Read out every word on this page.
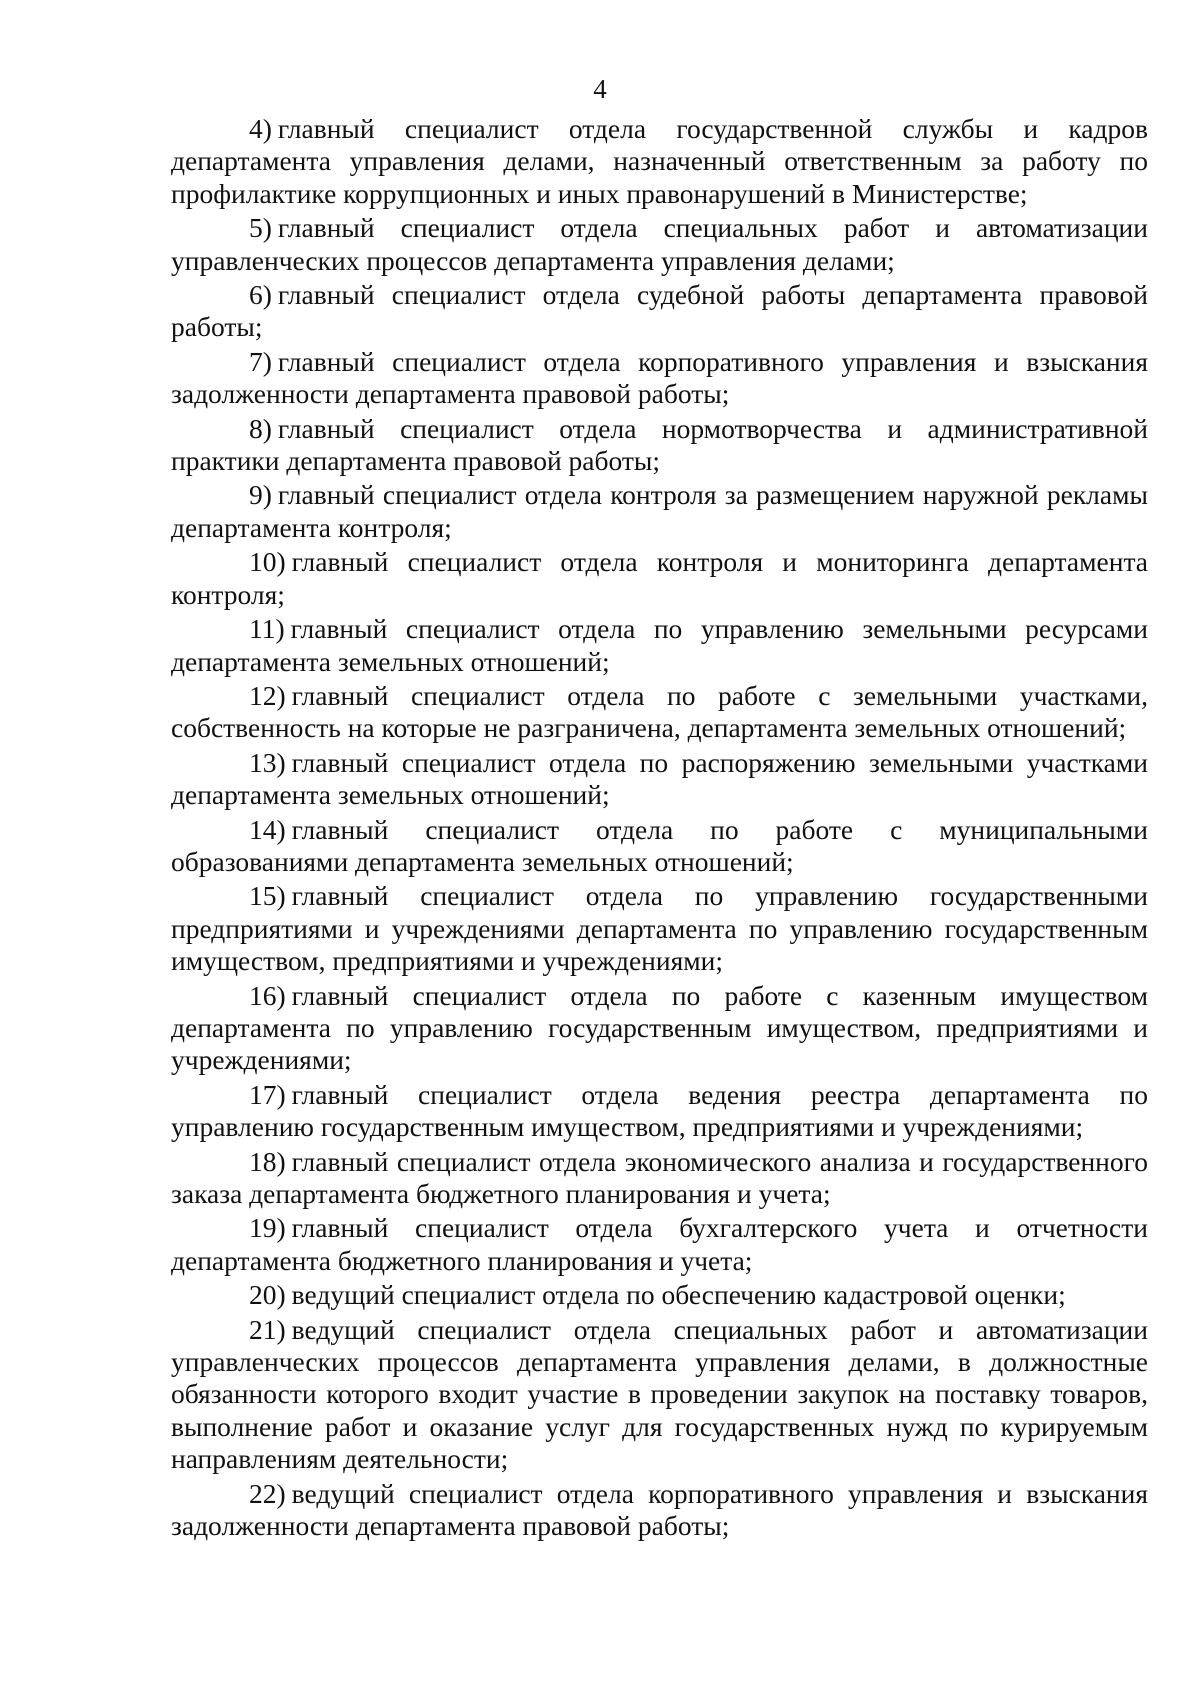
4

4) главный специалист отдела государственной службы и кадров департамента управления делами, назначенный ответственным за работу по профилактике коррупционных и иных правонарушений в Министерстве;

5) главный специалист отдела специальных работ и автоматизации управленческих процессов департамента управления делами;

6) главный специалист отдела судебной работы департамента правовой работы;

7) главный специалист отдела корпоративного управления и взыскания задолженности департамента правовой работы;

8) главный специалист отдела нормотворчества и административной практики департамента правовой работы;

9) главный специалист отдела контроля за размещением наружной рекламы департамента контроля;

10) главный специалист отдела контроля и мониторинга департамента контроля;

11) главный специалист отдела по управлению земельными ресурсами департамента земельных отношений;

12) главный специалист отдела по работе с земельными участками, собственность на которые не разграничена, департамента земельных отношений;

13) главный специалист отдела по распоряжению земельными участками департамента земельных отношений;

14) главный специалист отдела по работе с муниципальными образованиями департамента земельных отношений;

15) главный специалист отдела по управлению государственными предприятиями и учреждениями департамента по управлению государственным имуществом, предприятиями и учреждениями;

16) главный специалист отдела по работе с казенным имуществом департамента по управлению государственным имуществом, предприятиями и учреждениями;

17) главный специалист отдела ведения реестра департамента по управлению государственным имуществом, предприятиями и учреждениями;

18) главный специалист отдела экономического анализа и государственного заказа департамента бюджетного планирования и учета;

19) главный специалист отдела бухгалтерского учета и отчетности департамента бюджетного планирования и учета;

20) ведущий специалист отдела по обеспечению кадастровой оценки;

21) ведущий специалист отдела специальных работ и автоматизации управленческих процессов департамента управления делами, в должностные обязанности которого входит участие в проведении закупок на поставку товаров, выполнение работ и оказание услуг для государственных нужд по курируемым направлениям деятельности;

22) ведущий специалист отдела корпоративного управления и взыскания задолженности департамента правовой работы;
